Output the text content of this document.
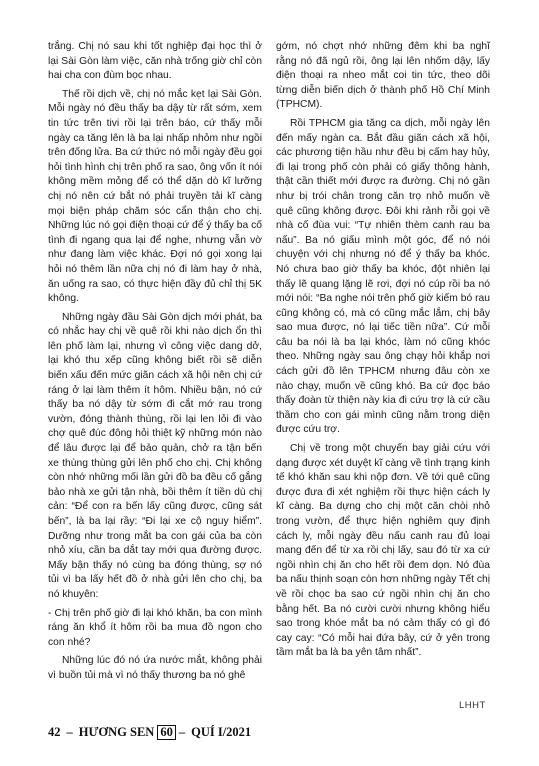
trắng. Chị nó sau khi tốt nghiệp đại học thì ở lại Sài Gòn làm việc, căn nhà trống giờ chỉ còn hai cha con đùm bọc nhau.

Thế rồi dịch về, chị nó mắc kẹt lại Sài Gòn. Mỗi ngày nó đều thấy ba dậy từ rất sớm, xem tin tức trên tivi rồi lại trên báo, cứ thấy mỗi ngày ca tăng lên là ba lại nhấp nhỏm như ngồi trên đống lửa. Ba cứ thức nó mỗi ngày đều gọi hỏi tình hình chị trên phố ra sao, ông vốn ít nói không mềm mỏng để có thể dặn dò kĩ lưỡng chị nó nên cứ bắt nó phải truyền tải kĩ càng mọi biện pháp chăm sóc cẩn thận cho chị. Những lúc nó gọi điện thoại cứ để ý thấy ba cố tình đi ngang qua lại để nghe, nhưng vẫn vờ như đang làm việc khác. Đợi nó gọi xong lại hỏi nó thêm lần nữa chị nó đi làm hay ở nhà, ăn uống ra sao, có thực hiện đầy đủ chỉ thị 5K không.

Những ngày đầu Sài Gòn dịch mới phát, ba có nhắc hay chị về quê rồi khi nào dịch ổn thì lên phố làm lại, nhưng vì công việc dang dở, lại khó thu xếp cũng không biết rồi sẽ diễn biến xấu đến mức giãn cách xã hội nên chị cứ ráng ở lại làm thêm ít hôm. Nhiều bận, nó cứ thấy ba nó dậy từ sớm đi cắt mớ rau trong vườn, đóng thành thùng, rồi lại len lỏi đi vào chợ quê đúc đông hỏi thiệt kỹ những món nào để lâu được lại để bảo quản, chở ra tận bến xe thùng thùng gửi lên phố cho chị. Chị không còn nhớ những mối lần gửi đồ ba đều cố gắng bảo nhà xe gửi tận nhà, bồi thêm ít tiền dù chị cản: “Để con ra bến lấy cũng được, cũng sát bến”, là ba lại rầy: “Đi lại xe cộ nguy hiểm”. Dưỡng như trong mắt ba con gái của ba còn nhỏ xíu, cần ba dắt tay mới qua đường được. Mấy bận thấy nó cùng ba đóng thùng, sợ nó tủi vì ba lấy hết đồ ở nhà gửi lên cho chị, ba nó khuyên:

- Chị trên phố giờ đi lại khó khăn, ba con mình ráng ăn khổ ít hôm rồi ba mua đồ ngon cho con nhé?

Những lúc đó nó ứa nước mắt, không phải vì buồn tủi mà vì nó thấy thương ba nó ghê

gớm, nó chợt nhớ những đêm khi ba nghĩ rằng nó đã ngủ rồi, ông lại lên nhốm dậy, lấy điện thoại ra nheo mắt coi tin tức, theo dõi từng diễn biến dịch ở thành phố Hồ Chí Minh (TPHCM).

Rồi TPHCM gia tăng ca dịch, mỗi ngày lên đến mấy ngàn ca. Bắt đầu giãn cách xã hội, các phương tiện hầu như đều bị cấm hay hủy, đi lại trong phố còn phải có giấy thông hành, thật cần thiết mới được ra đường. Chị nó gần như bị trói chân trong căn trọ nhỏ muốn về quê cũng không được. Đôi khi rảnh rỗi gọi về nhà cố đùa vui: “Tự nhiên thèm canh rau ba nấu”. Ba nó giấu mình một góc, để nó nói chuyện với chị nhưng nó để ý thấy ba khóc. Nó chưa bao giờ thấy ba khóc, đột nhiên lại thấy lẽ quang lặng lẽ rơi, đợi nó cúp rồi ba nó mới nói: “Ba nghe nói trên phố giờ kiếm bó rau cũng không có, mà có cũng mắc lắm, chị bây sao mua được, nó lại tiếc tiền nữa”. Cứ mỗi câu ba nói là ba lại khóc, làm nó cũng khóc theo. Những ngày sau ông chạy hỏi khắp nơi cách gửi đồ lên TPHCM nhưng đâu còn xe nào chạy, muốn về cũng khó. Ba cứ đọc báo thấy đoàn từ thiện này kia đi cứu trợ là cứ cầu thầm cho con gái mình cũng nằm trong diện được cứu trợ.

Chị về trong một chuyến bay giải cứu với dạng được xét duyệt kĩ càng về tình trạng kinh tế khó khăn sau khi nộp đơn. Về tới quê cũng được đưa đi xét nghiệm rồi thực hiện cách ly kĩ càng. Ba dựng cho chị một căn chòi nhỏ trong vườn, để thực hiện nghiêm quy định cách ly, mỗi ngày đều nấu canh rau đủ loại mang đến để từ xa rồi chị lấy, sau đó từ xa cứ ngồi nhìn chị ăn cho hết rồi đem dọn. Nó đùa ba nấu thịnh soạn còn hơn những ngày Tết chị về rồi chọc ba sao cứ ngồi nhìn chị ăn cho bằng hết. Ba nó cười cười nhưng không hiểu sao trong khóe mắt ba nó cảm thấy có gì đó cay cay: “Có mỗi hai đứa bây, cứ ở yên trong tầm mắt ba là ba yên tâm nhất”.

LHHT
42 – HƯƠNG SEN 60 – QUÍ I/2021
